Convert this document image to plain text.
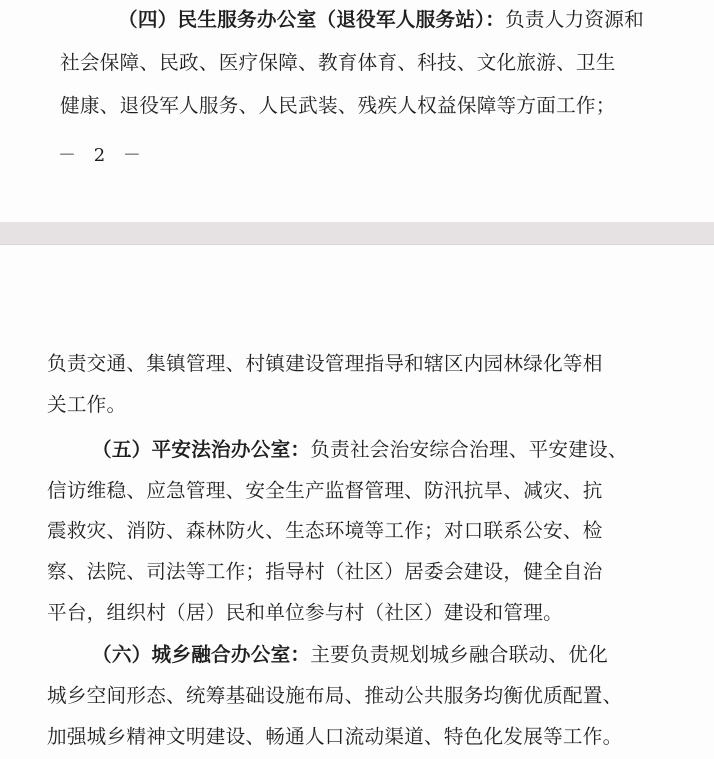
（四）民生服务办公室（退役军人服务站）：负责人力资源和
社会保障、民政、医疗保障、教育体育、科技、文化旅游、卫生
健康、退役军人服务、人民武装、残疾人权益保障等方面工作；
－ 2 －
负责交通、集镇管理、村镇建设管理指导和辖区内园林绿化等相
关工作。
（五）平安法治办公室：负责社会治安综合治理、平安建设、
信访维稳、应急管理、安全生产监督管理、防汛抗旱、减灾、抗
震救灾、消防、森林防火、生态环境等工作；对口联系公安、检
察、法院、司法等工作；指导村（社区）居委会建设，健全自治
平台，组织村（居）民和单位参与村（社区）建设和管理。
（六）城乡融合办公室：主要负责规划城乡融合联动、优化
城乡空间形态、统筹基础设施布局、推动公共服务均衡优质配置、
加强城乡精神文明建设、畅通人口流动渠道、特色化发展等工作。
